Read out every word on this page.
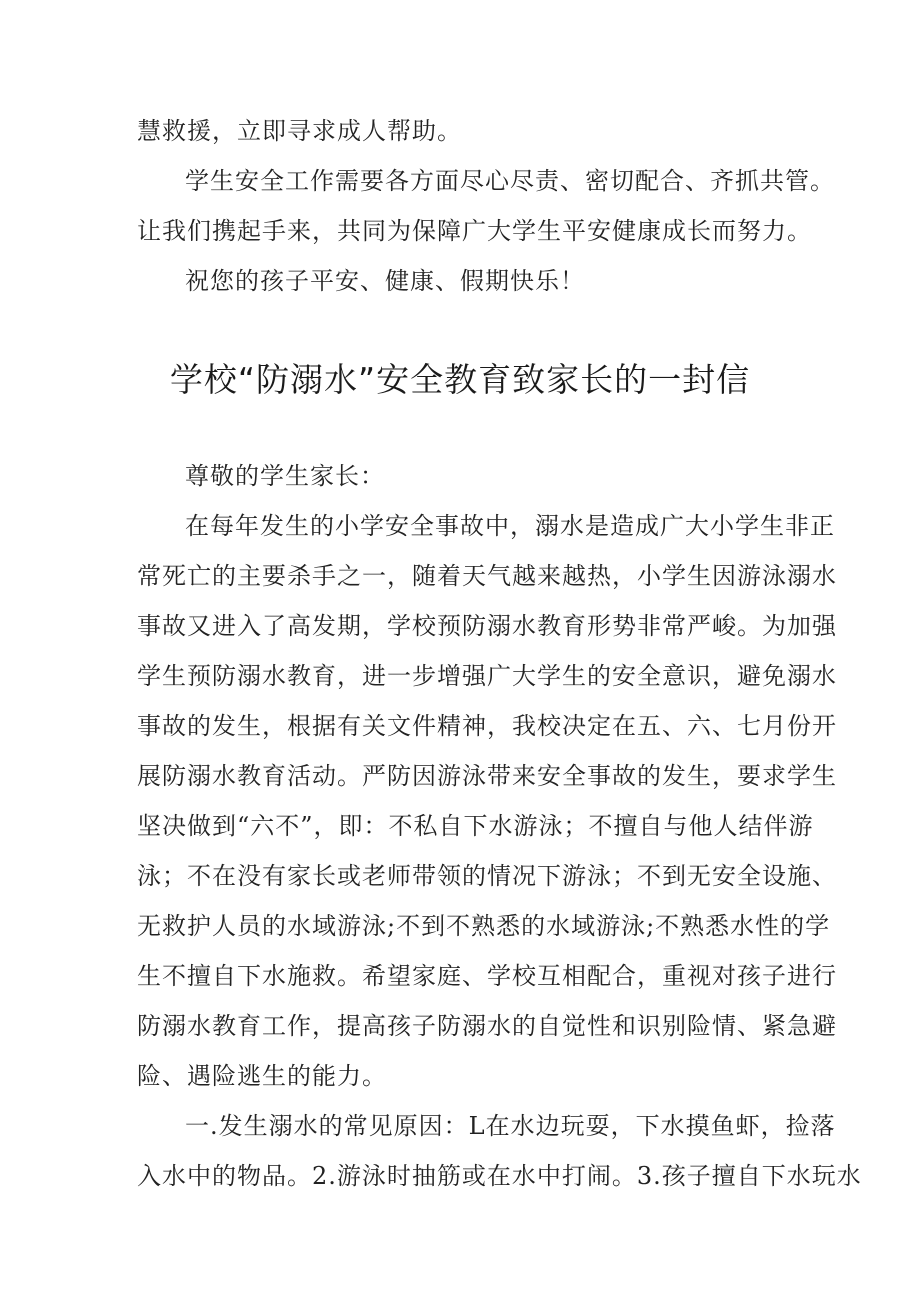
慧救援，立即寻求成人帮助。
学生安全工作需要各方面尽心尽责、密切配合、齐抓共管。
让我们携起手来，共同为保障广大学生平安健康成长而努力。
祝您的孩子平安、健康、假期快乐！
学校“防溺水”安全教育致家长的一封信
尊敬的学生家长：
在每年发生的小学安全事故中，溺水是造成广大小学生非正
常死亡的主要杀手之一，随着天气越来越热，小学生因游泳溺水
事故又进入了高发期，学校预防溺水教育形势非常严峻。为加强
学生预防溺水教育，进一步增强广大学生的安全意识，避免溺水
事故的发生，根据有关文件精神，我校决定在五、六、七月份开
展防溺水教育活动。严防因游泳带来安全事故的发生，要求学生
坚决做到“六不”，即：不私自下水游泳；不擅自与他人结伴游
泳；不在没有家长或老师带领的情况下游泳；不到无安全设施、
无救护人员的水域游泳;不到不熟悉的水域游泳;不熟悉水性的学
生不擅自下水施救。希望家庭、学校互相配合，重视对孩子进行
防溺水教育工作，提高孩子防溺水的自觉性和识别险情、紧急避
险、遇险逃生的能力。
一.发生溺水的常见原因：L在水边玩耍，下水摸鱼虾，捡落
入水中的物品。2.游泳时抽筋或在水中打闹。3.孩子擅自下水玩水
